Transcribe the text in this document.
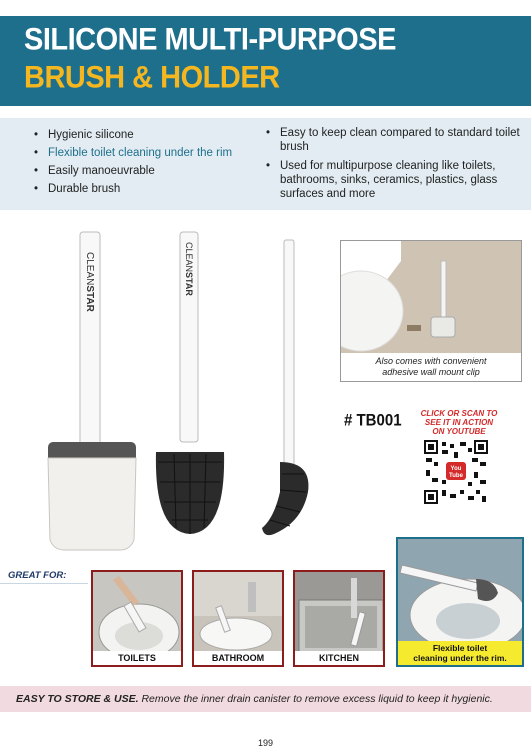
SILICONE MULTI-PURPOSE
BRUSH & HOLDER
• Hygienic silicone
• Flexible toilet cleaning under the rim
• Easily manoeuvrable
• Durable brush
• Easy to keep clean compared to standard toilet brush
• Used for multipurpose cleaning like toilets, bathrooms, sinks, ceramics, plastics, glass surfaces and more
CLEANSTAR
CLEANSTAR
Also comes with convenient
adhesive wall mount clip
# TB001	CLICK OR SCAN TO
SEE IT IN ACTION
ON YOUTUBE
You
Tube
GREAT FOR:
TOILETS	BATHROOM	KITCHEN
Flexible toilet
cleaning under the rim.
EASY TO STORE & USE. Remove the inner drain canister to remove excess liquid to keep it hygienic.
199
